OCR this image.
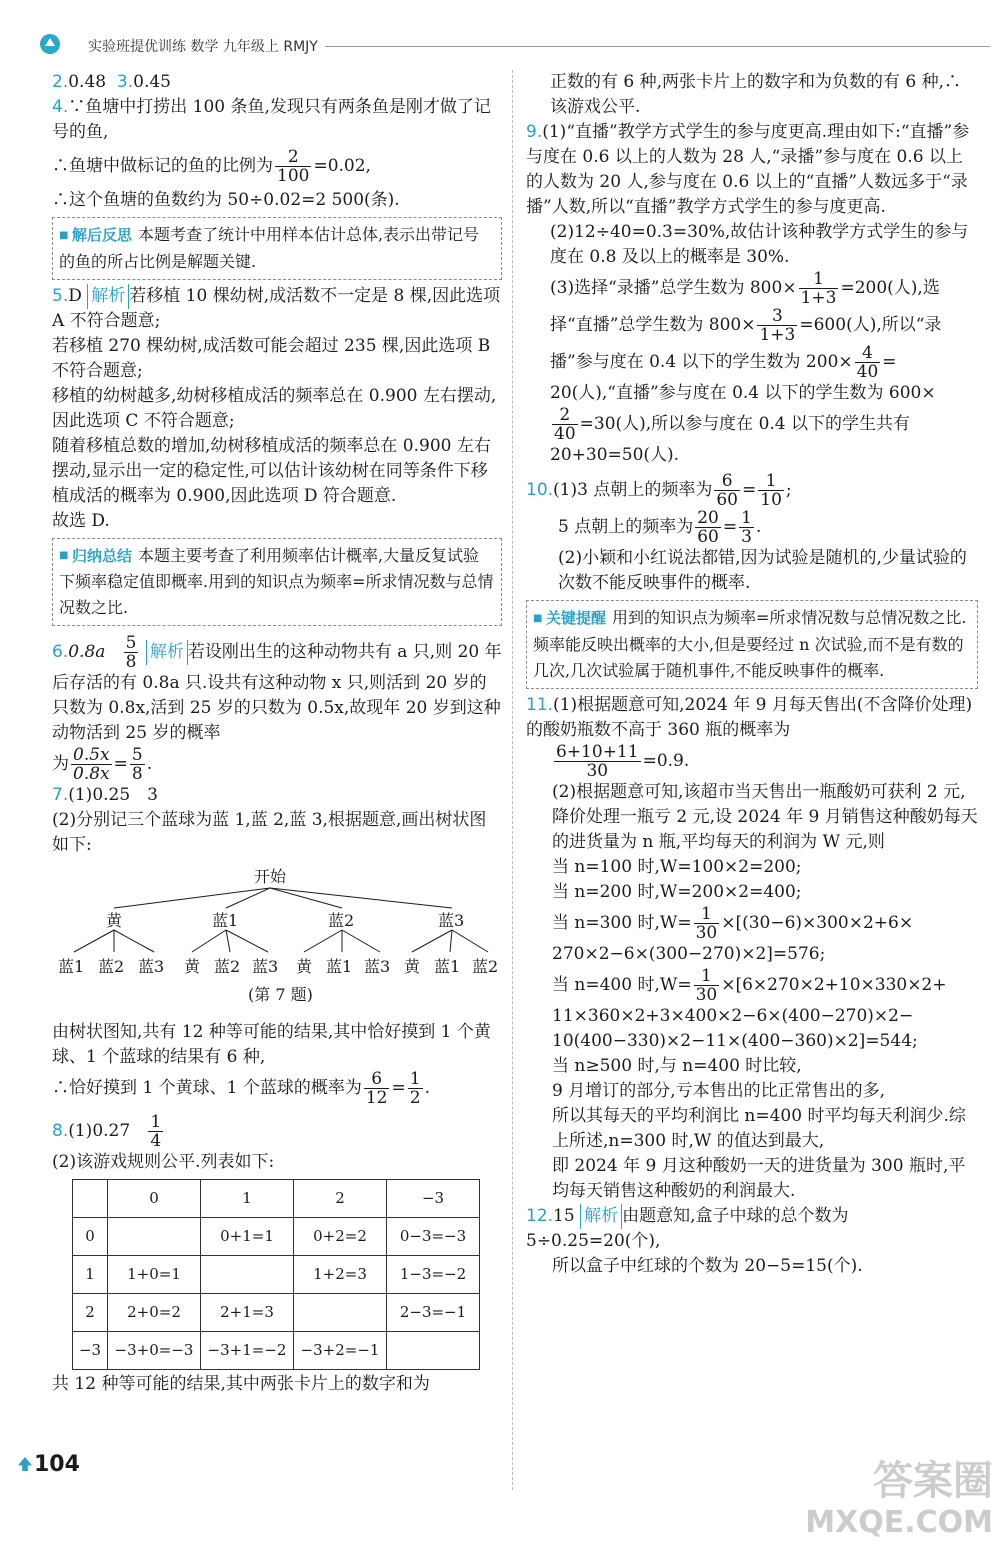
实验班提优训练 数学 九年级上 RMJY

2.0.48 3.0.45

4.∵鱼塘中打捞出 100 条鱼,发现只有两条鱼是刚才做了记号的鱼,

∴鱼塘中做标记的鱼的比例为 $\frac{2}{100} =0.02$,

∴这个鱼塘的鱼数约为 50÷0.02=2 500(条).

■ 解后反思 本题考查了统计中用样本估计总体,表示出带记号的鱼的所占比例是解题关键.

5.D 解析 若移植 10 棵幼树,成活数不一定是 8 棵,因此选项 A 不符合题意;

若移植 270 棵幼树,成活数可能会超过 235 棵,因此选项 B 不符合题意;

移植的幼树越多,幼树移植成活的频率总在 0.900 左右摆动,因此选项 C 不符合题意;

随着移植总数的增加,幼树移植成活的频率总在 0.900 左右摆动,显示出一定的稳定性,可以估计该幼树在同等条件下移植成活的概率为 0.900,因此选项 D 符合题意.

故选 D.

■ 归纳总结 本题主要考查了利用频率估计概率,大量反复试验下频率稳定值即概率.用到的知识点为频率=所求情况数与总情况数之比.

$6.0.8a \frac{5}{8}$ 解析 若设刚出生的这种动物共有 a 只,则 20 年后存活的有 0.8a 只.设共有这种动物 x 只,则活到 20 岁的只数为 0.8x,活到 25 岁的只数为 0.5x,故现年 20 岁到这种动物活到 25 岁的概率

为 $\frac{0.5x}{0.8x} = \frac{5}{8}$ .

7.(1)0.25　3

(2)分别记三个蓝球为蓝 1,蓝 2,蓝 3,根据题意,画出树状图如下:

开始
黄	蓝1	蓝2	蓝3
蓝1 蓝2 蓝3 黄 蓝2 蓝3 黄 蓝1 蓝3 黄 蓝1 蓝2
(第 7 题)

由树状图知,共有 12 种等可能的结果,其中恰好摸到 1 个黄球、1 个蓝球的结果有 6 种,

∴恰好摸到 1 个黄球、1 个蓝球的概率为 $\frac{6}{12} = \frac{1}{2}$ .

$8.(1)0.27 \frac{1}{4}$

(2)该游戏规则公平.列表如下:

	0	1	2	−3
0		0+1=1	0+2=2	0−3=−3
1	1+0=1		1+2=3	1−3=−2
2	2+0=2	2+1=3		2−3=−1
−3	−3+0=−3	−3+1=−2	−3+2=−1	

共 12 种等可能的结果,其中两张卡片上的数字和为

正数的有 6 种,两张卡片上的数字和为负数的有 6 种,∴该游戏公平.

9.(1)“直播”教学方式学生的参与度更高.理由如下:“直播”参与度在 0.6 以上的人数为 28 人,“录播”参与度在 0.6 以上的人数为 20 人,参与度在 0.6 以上的“直播”人数远多于“录播”人数,所以“直播”教学方式学生的参与度更高.

(2)12÷40=0.3=30%,故估计该种教学方式学生的参与度在 0.8 及以上的概率是 30%.

(3)选择“录播”总学生数为 $800\times \frac{1}{1+3} =200$(人),选

择“直播”总学生数为 $800\times \frac{3}{1+3} =600$(人),所以“录

播”参与度在 0.4 以下的学生数为 $200\times \frac{4}{40}$ =

20(人),“直播”参与度在 0.4 以下的学生数为 600×

$\frac{2}{40} =30$(人),所以参与度在 0.4 以下的学生共有

20+30=50(人).

10.(1)3 点朝上的频率为 $\frac{6}{60} = \frac{1}{10}$ ;

5 点朝上的频率为 $\frac{20}{60} = \frac{1}{3}$ .

(2)小颖和小红说法都错,因为试验是随机的,少量试验的次数不能反映事件的概率.

■ 关键提醒 用到的知识点为频率=所求情况数与总情况数之比.频率能反映出概率的大小,但是要经过 n 次试验,而不是有数的几次,几次试验属于随机事件,不能反映事件的概率.

11.(1)根据题意可知,2024 年 9 月每天售出(不含降价处理)的酸奶瓶数不高于 360 瓶的概率为

$\frac{6+10+11}{30} =0.9$.

(2)根据题意可知,该超市当天售出一瓶酸奶可获利 2 元,降价处理一瓶亏 2 元,设 2024 年 9 月销售这种酸奶每天的进货量为 n 瓶,平均每天的利润为 W 元,则

当 n=100 时,W=100×2=200;

当 n=200 时,W=200×2=400;

当 n=300 时$,W= \frac{1}{30} \times[(30-6)\times 300\times 2+6\times$

270×2−6×(300−270)×2]=576;

当 n=400 时$,W= \frac{1}{30} \times[6\times 270\times 2+10\times 330\times 2+$

11×360×2+3×400×2−6×(400−270)×2−

10(400−330)×2−11×(400−360)×2]=544;

当 n≥500 时,与 n=400 时比较,

9 月增订的部分,亏本售出的比正常售出的多,

所以其每天的平均利润比 n=400 时平均每天利润少.综上所述,n=300 时,W 的值达到最大,

即 2024 年 9 月这种酸奶一天的进货量为 300 瓶时,平均每天销售这种酸奶的利润最大.

12.15 解析 由题意知,盒子中球的总个数为 5÷0.25=20(个),

所以盒子中红球的个数为 20−5=15(个).

104	答案圈
MXQE.COM
